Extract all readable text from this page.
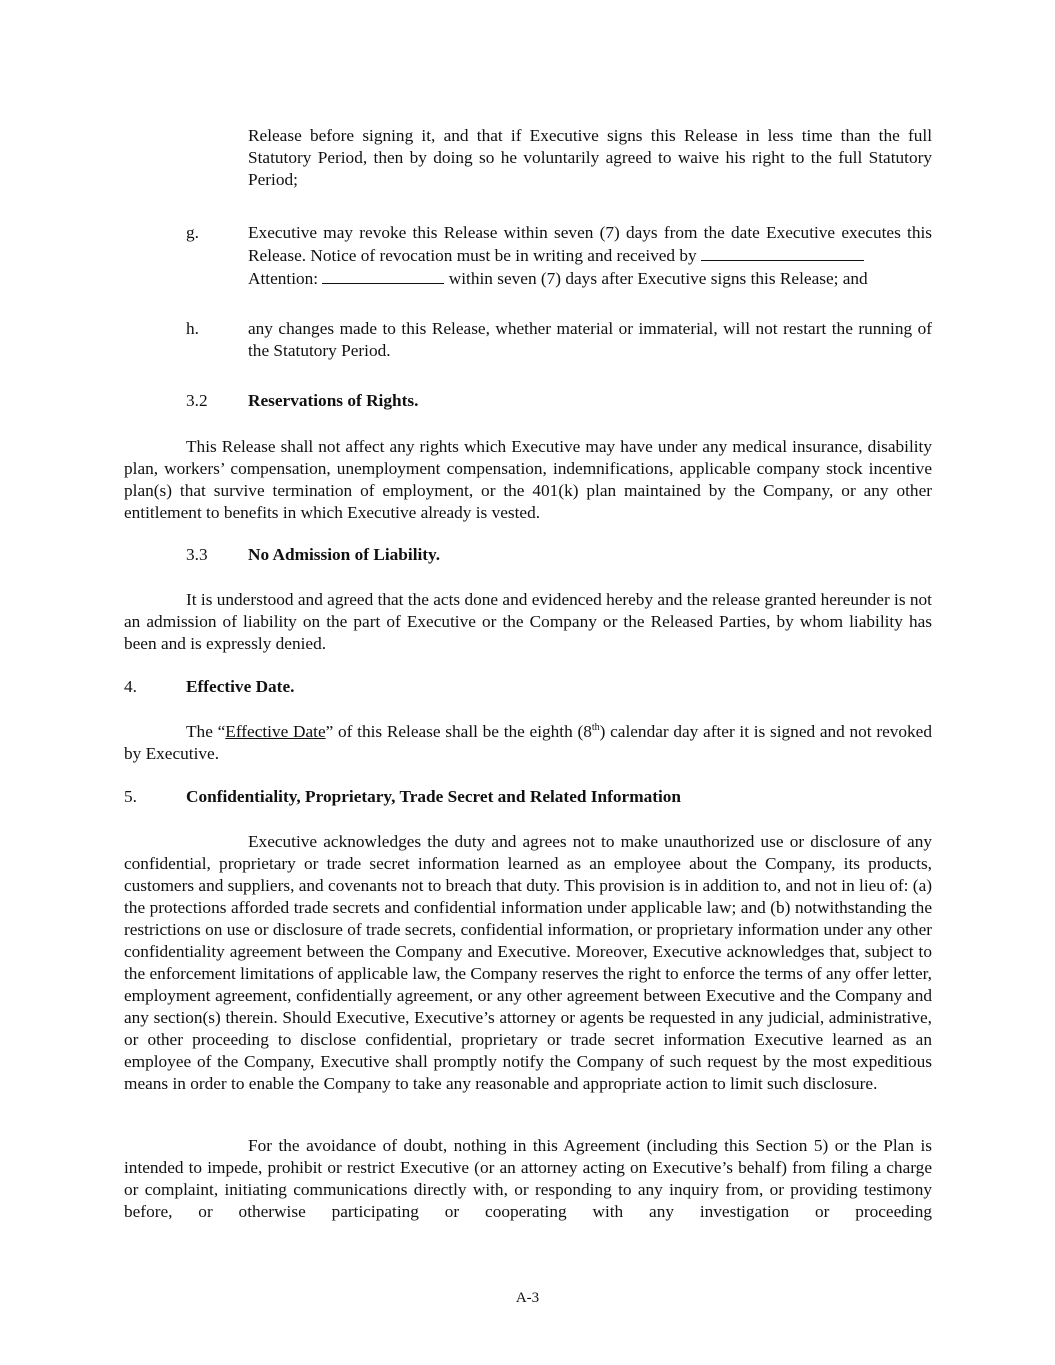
Release before signing it, and that if Executive signs this Release in less time than the full Statutory Period, then by doing so he voluntarily agreed to waive his right to the full Statutory Period;
g.	Executive may revoke this Release within seven (7) days from the date Executive executes this Release. Notice of revocation must be in writing and received by
Attention:	within seven (7) days after Executive signs this Release; and
h.	any changes made to this Release, whether material or immaterial, will not restart the running of the Statutory Period.
3.2 Reservations of Rights.
This Release shall not affect any rights which Executive may have under any medical insurance, disability plan, workers’ compensation, unemployment compensation, indemnifications, applicable company stock incentive plan(s) that survive termination of employment, or the 401(k) plan maintained by the Company, or any other entitlement to benefits in which Executive already is vested.
3.3 No Admission of Liability.
It is understood and agreed that the acts done and evidenced hereby and the release granted hereunder is not an admission of liability on the part of Executive or the Company or the Released Parties, by whom liability has been and is expressly denied.
4.	Effective Date.
The “Effective Date” of this Release shall be the eighth (8th) calendar day after it is signed and not revoked by Executive.
5.	Confidentiality, Proprietary, Trade Secret and Related Information
Executive acknowledges the duty and agrees not to make unauthorized use or disclosure of any confidential, proprietary or trade secret information learned as an employee about the Company, its products, customers and suppliers, and covenants not to breach that duty. This provision is in addition to, and not in lieu of: (a) the protections afforded trade secrets and confidential information under applicable law; and (b) notwithstanding the restrictions on use or disclosure of trade secrets, confidential information, or proprietary information under any other confidentiality agreement between the Company and Executive. Moreover, Executive acknowledges that, subject to the enforcement limitations of applicable law, the Company reserves the right to enforce the terms of any offer letter, employment agreement, confidentially agreement, or any other agreement between Executive and the Company and any section(s) therein. Should Executive, Executive’s attorney or agents be requested in any judicial, administrative, or other proceeding to disclose confidential, proprietary or trade secret information Executive learned as an employee of the Company, Executive shall promptly notify the Company of such request by the most expeditious means in order to enable the Company to take any reasonable and appropriate action to limit such disclosure.
For the avoidance of doubt, nothing in this Agreement (including this Section 5) or the Plan is intended to impede, prohibit or restrict Executive (or an attorney acting on Executive’s behalf) from filing a charge or complaint, initiating communications directly with, or responding to any inquiry from, or providing testimony before, or otherwise participating or cooperating with any investigation or proceeding
A-3
